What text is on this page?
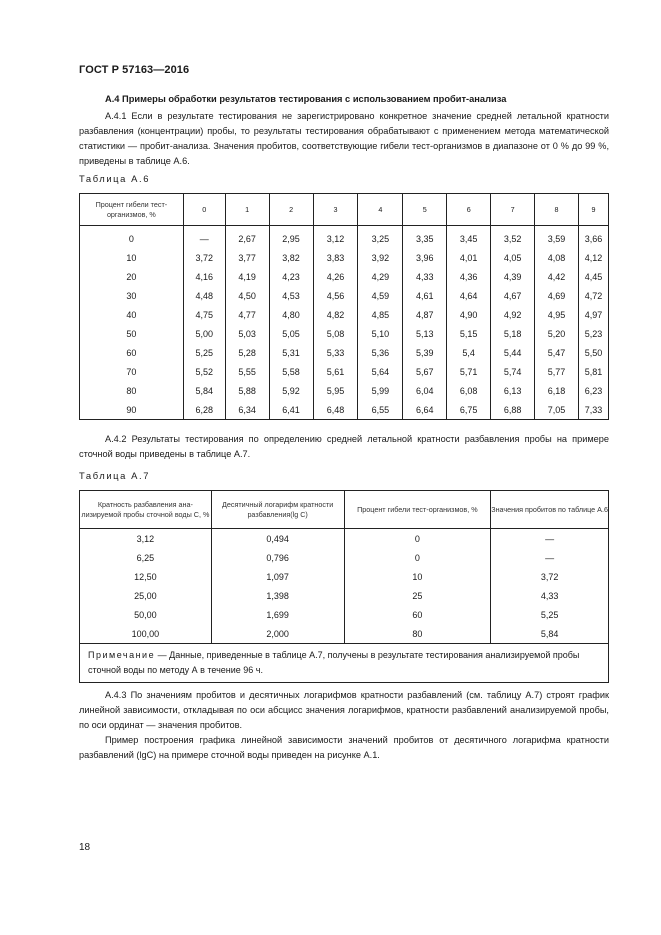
ГОСТ Р 57163—2016
А.4 Примеры обработки результатов тестирования с использованием пробит-анализа

А.4.1 Если в результате тестирования не зарегистрировано конкретное значение средней летальной кратности разбавления (концентрации) пробы, то результаты тестирования обрабатывают с применением метода математической статистики — пробит-анализа. Значения пробитов, соответствующие гибели тест-организмов в диапазоне от 0 % до 99 %, приведены в таблице А.6.

Таблица А.6
Процент гибели тест-организмов, %	0	1	2	3	4	5	6	7	8	9
0	—	2,67	2,95	3,12	3,25	3,35	3,45	3,52	3,59	3,66
10	3,72	3,77	3,82	3,83	3,92	3,96	4,01	4,05	4,08	4,12
20	4,16	4,19	4,23	4,26	4,29	4,33	4,36	4,39	4,42	4,45
30	4,48	4,50	4,53	4,56	4,59	4,61	4,64	4,67	4,69	4,72
40	4,75	4,77	4,80	4,82	4,85	4,87	4,90	4,92	4,95	4,97
50	5,00	5,03	5,05	5,08	5,10	5,13	5,15	5,18	5,20	5,23
60	5,25	5,28	5,31	5,33	5,36	5,39	5,4	5,44	5,47	5,50
70	5,52	5,55	5,58	5,61	5,64	5,67	5,71	5,74	5,77	5,81
80	5,84	5,88	5,92	5,95	5,99	6,04	6,08	6,13	6,18	6,23
90	6,28	6,34	6,41	6,48	6,55	6,64	6,75	6,88	7,05	7,33

А.4.2 Результаты тестирования по определению средней летальной кратности разбавления пробы на примере сточной воды приведены в таблице А.7.

Таблица А.7
Кратность разбавления анализируемой пробы сточной воды С, %	Десятичный логарифм кратности разбавления(lg С)	Процент гибели тест-организмов, %	Значения пробитов по таблице А.6
3,12	0,494	0	—
6,25	0,796	0	—
12,50	1,097	10	3,72
25,00	1,398	25	4,33
50,00	1,699	60	5,25
100,00	2,000	80	5,84
Примечание — Данные, приведенные в таблице А.7, получены в результате тестирования анализируемой пробы сточной воды по методу А в течение 96 ч.			

А.4.3 По значениям пробитов и десятичных логарифмов кратности разбавлений (см. таблицу А.7) строят график линейной зависимости, откладывая по оси абсцисс значения логарифмов, кратности разбавлений анализируемой пробы, по оси ординат — значения пробитов.

Пример построения графика линейной зависимости значений пробитов от десятичного логарифма кратности разбавлений (lgC) на примере сточной воды приведен на рисунке А.1.

18
